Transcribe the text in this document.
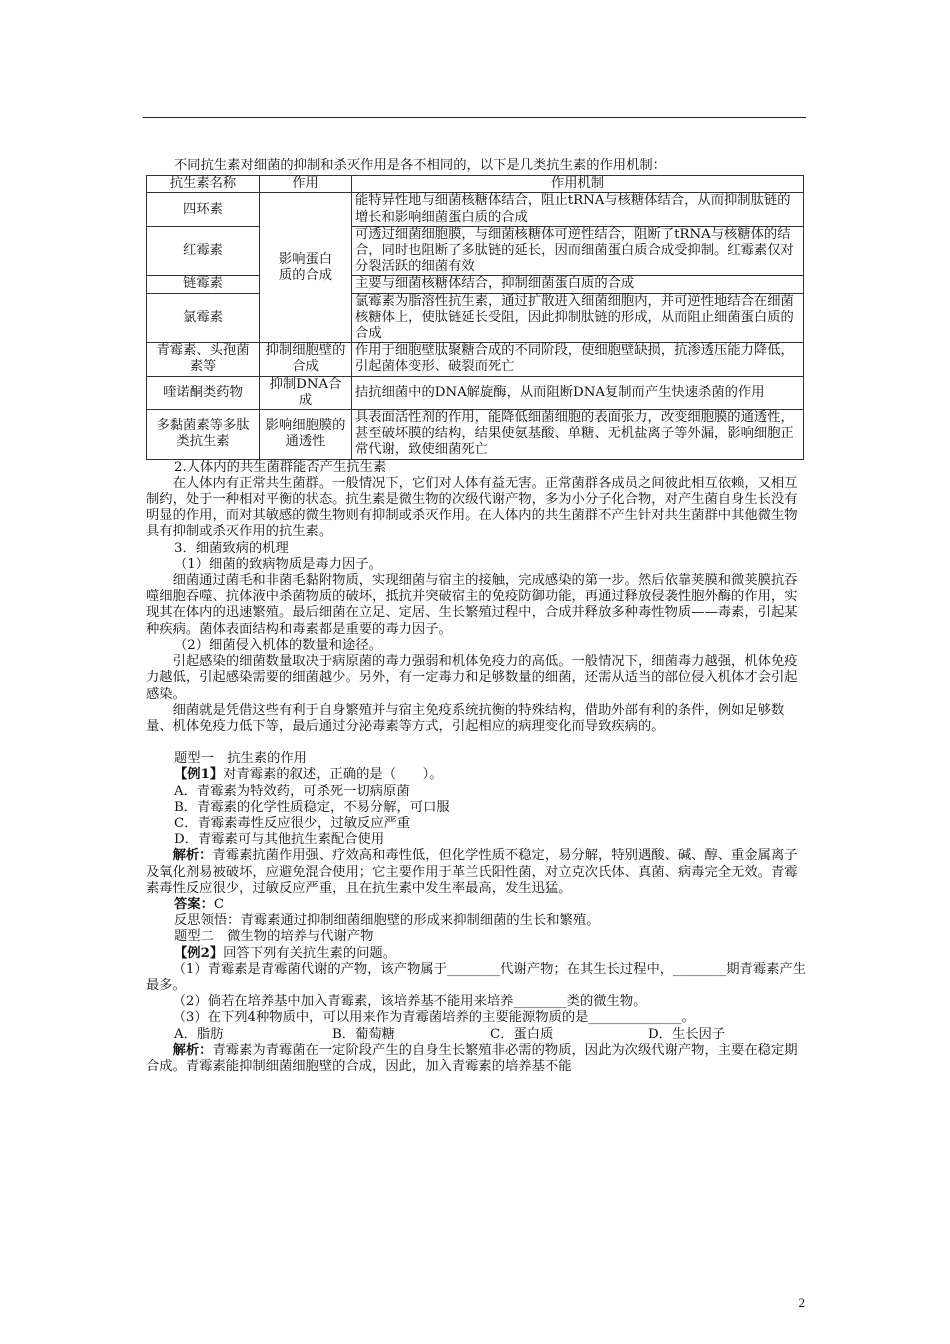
不同抗生素对细菌的抑制和杀灭作用是各不相同的，以下是几类抗生素的作用机制：

抗生素名称	作用	作用机制
四环素	影响蛋白质的合成	能特异性地与细菌核糖体结合，阻止tRNA与核糖体结合，从而抑制肽链的增长和影响细菌蛋白质的合成
红霉素		可透过细菌细胞膜，与细菌核糖体可逆性结合，阻断了tRNA与核糖体的结合，同时也阻断了多肽链的延长，因而细菌蛋白质合成受抑制。红霉素仅对分裂活跃的细菌有效
链霉素		主要与细菌核糖体结合，抑制细菌蛋白质的合成
氯霉素		氯霉素为脂溶性抗生素，通过扩散进入细菌细胞内，并可逆性地结合在细菌核糖体上，使肽链延长受阻，因此抑制肽链的形成，从而阻止细菌蛋白质的合成
青霉素、头孢菌素等	抑制细胞壁的合成	作用于细胞壁肽聚糖合成的不同阶段，使细胞壁缺损，抗渗透压能力降低，引起菌体变形、破裂而死亡
喹诺酮类药物	抑制DNA合成	拮抗细菌中的DNA解旋酶，从而阻断DNA复制而产生快速杀菌的作用
多黏菌素等多肽类抗生素	影响细胞膜的通透性	具表面活性剂的作用，能降低细菌细胞的表面张力，改变细胞膜的通透性，甚至破坏膜的结构，结果使氨基酸、单糖、无机盐离子等外漏，影响细胞正常代谢，致使细菌死亡

2.人体内的共生菌群能否产生抗生素

在人体内有正常共生菌群。一般情况下，它们对人体有益无害。正常菌群各成员之间彼此相互依赖，又相互制约，处于一种相对平衡的状态。抗生素是微生物的次级代谢产物，多为小分子化合物，对产生菌自身生长没有明显的作用，而对其敏感的微生物则有抑制或杀灭作用。在人体内的共生菌群不产生针对共生菌群中其他微生物具有抑制或杀灭作用的抗生素。

3．细菌致病的机理

（1）细菌的致病物质是毒力因子。

细菌通过菌毛和非菌毛黏附物质，实现细菌与宿主的接触，完成感染的第一步。然后依靠荚膜和微荚膜抗吞噬细胞吞噬、抗体液中杀菌物质的破坏，抵抗并突破宿主的免疫防御功能，再通过释放侵袭性胞外酶的作用，实现其在体内的迅速繁殖。最后细菌在立足、定居、生长繁殖过程中，合成并释放多种毒性物质——毒素，引起某种疾病。菌体表面结构和毒素都是重要的毒力因子。

（2）细菌侵入机体的数量和途径。

引起感染的细菌数量取决于病原菌的毒力强弱和机体免疫力的高低。一般情况下，细菌毒力越强，机体免疫力越低，引起感染需要的细菌越少。另外，有一定毒力和足够数量的细菌，还需从适当的部位侵入机体才会引起感染。

细菌就是凭借这些有利于自身繁殖并与宿主免疫系统抗衡的特殊结构，借助外部有利的条件，例如足够数量、机体免疫力低下等，最后通过分泌毒素等方式，引起相应的病理变化而导致疾病的。

题型一　抗生素的作用

【例1】对青霉素的叙述，正确的是（　　）。

A．青霉素为特效药，可杀死一切病原菌

B．青霉素的化学性质稳定，不易分解，可口服

C．青霉素毒性反应很少，过敏反应严重

D．青霉素可与其他抗生素配合使用

解析：青霉素抗菌作用强、疗效高和毒性低，但化学性质不稳定，易分解，特别遇酸、碱、醇、重金属离子及氧化剂易被破坏，应避免混合使用；它主要作用于革兰氏阳性菌，对立克次氏体、真菌、病毒完全无效。青霉素毒性反应很少，过敏反应严重，且在抗生素中发生率最高，发生迅猛。

答案：C

反思领悟：青霉素通过抑制细菌细胞壁的形成来抑制细菌的生长和繁殖。

题型二　微生物的培养与代谢产物

【例2】回答下列有关抗生素的问题。

（1）青霉素是青霉菌代谢的产物，该产物属于________代谢产物；在其生长过程中，________期青霉素产生最多。

（2）倘若在培养基中加入青霉素，该培养基不能用来培养________类的微生物。

（3）在下列4种物质中，可以用来作为青霉菌培养的主要能源物质的是______________。

A．脂肪	B．葡萄糖	C．蛋白质	D．生长因子

解析：青霉素为青霉菌在一定阶段产生的自身生长繁殖非必需的物质，因此为次级代谢产物，主要在稳定期合成。青霉素能抑制细菌细胞壁的合成，因此，加入青霉素的培养基不能

2
